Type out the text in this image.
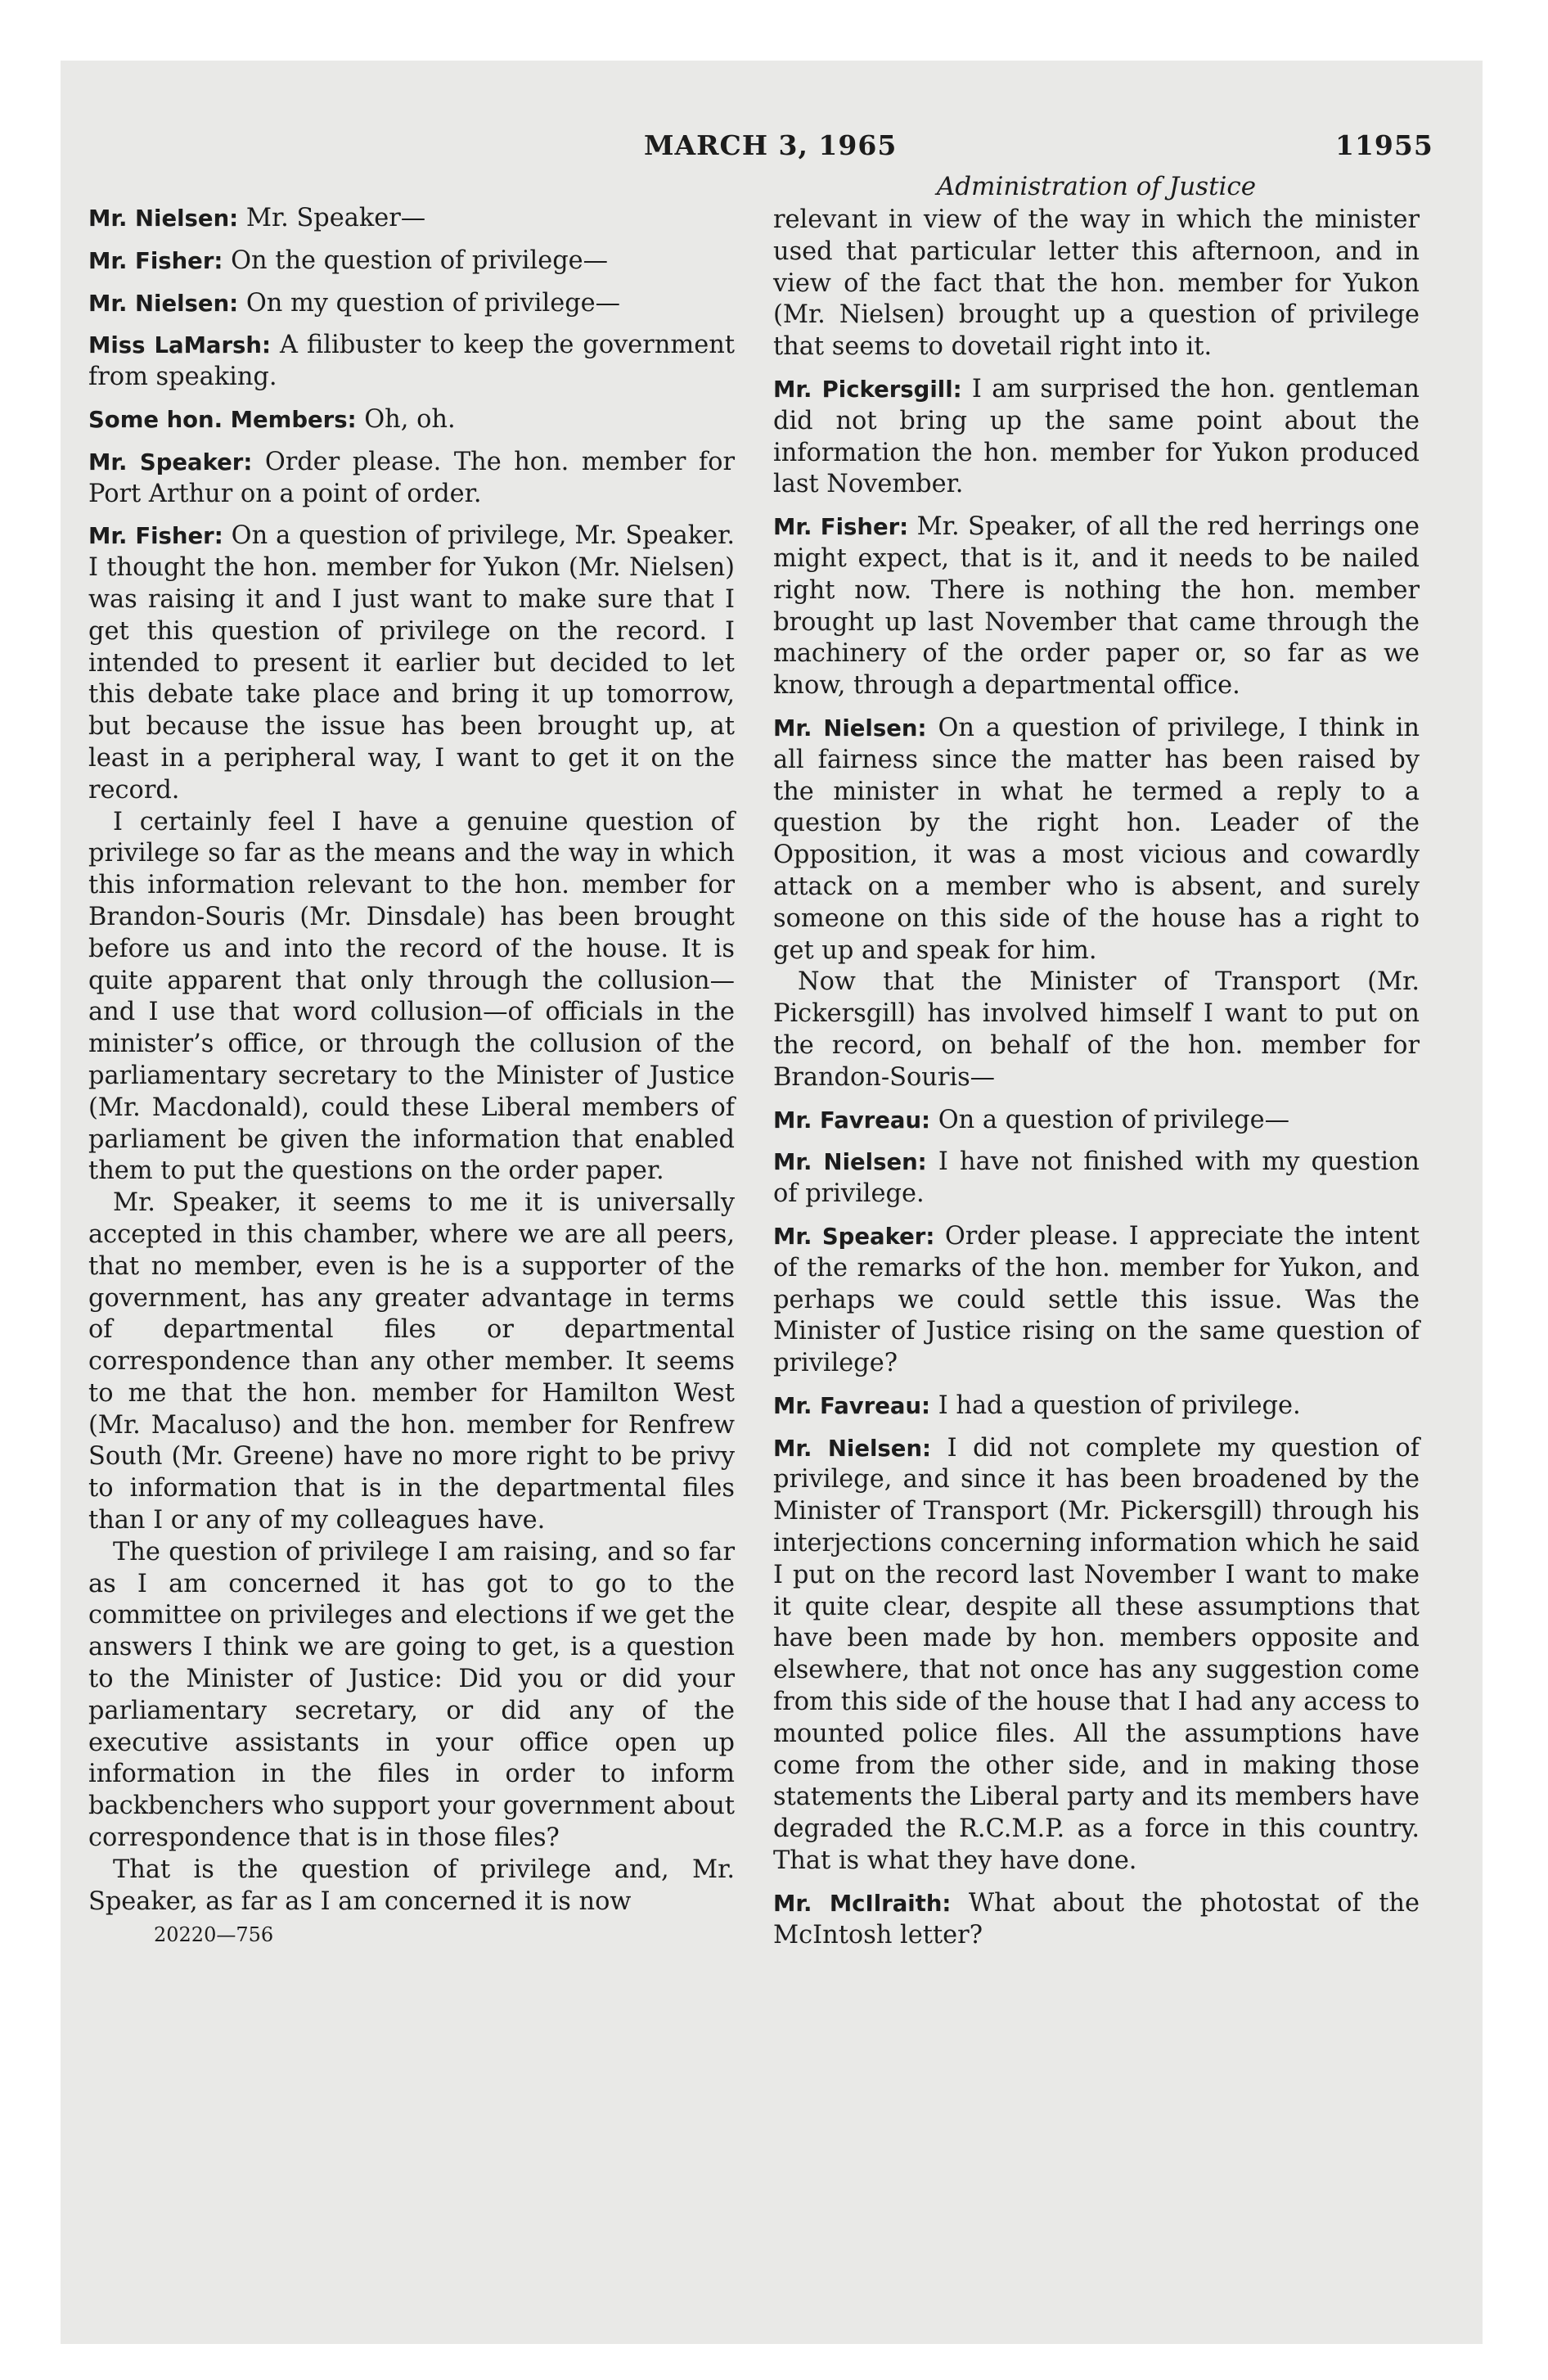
MARCH 3, 1965	11955

Mr. Nielsen: Mr. Speaker—

Mr. Fisher: On the question of privilege—

Mr. Nielsen: On my question of privilege—

Miss LaMarsh: A filibuster to keep the government from speaking.

Some hon. Members: Oh, oh.

Mr. Speaker: Order please. The hon. member for Port Arthur on a point of order.

Mr. Fisher: On a question of privilege, Mr. Speaker. I thought the hon. member for Yukon (Mr. Nielsen) was raising it and I just want to make sure that I get this question of privilege on the record. I intended to present it earlier but decided to let this debate take place and bring it up tomorrow, but because the issue has been brought up, at least in a peripheral way, I want to get it on the record.

I certainly feel I have a genuine question of privilege so far as the means and the way in which this information relevant to the hon. member for Brandon-Souris (Mr. Dinsdale) has been brought before us and into the record of the house. It is quite apparent that only through the collusion—and I use that word collusion—of officials in the minister’s office, or through the collusion of the parliamentary secretary to the Minister of Justice (Mr. Macdonald), could these Liberal members of parliament be given the information that enabled them to put the questions on the order paper.

Mr. Speaker, it seems to me it is universally accepted in this chamber, where we are all peers, that no member, even is he is a supporter of the government, has any greater advantage in terms of departmental files or departmental correspondence than any other member. It seems to me that the hon. member for Hamilton West (Mr. Macaluso) and the hon. member for Renfrew South (Mr. Greene) have no more right to be privy to information that is in the departmental files than I or any of my colleagues have.

The question of privilege I am raising, and so far as I am concerned it has got to go to the committee on privileges and elections if we get the answers I think we are going to get, is a question to the Minister of Justice: Did you or did your parliamentary secretary, or did any of the executive assistants in your office open up information in the files in order to inform backbenchers who support your government about correspondence that is in those files?

That is the question of privilege and, Mr. Speaker, as far as I am concerned it is now

20220—756
Administration of Justice

relevant in view of the way in which the minister used that particular letter this afternoon, and in view of the fact that the hon. member for Yukon (Mr. Nielsen) brought up a question of privilege that seems to dovetail right into it.

Mr. Pickersgill: I am surprised the hon. gentleman did not bring up the same point about the information the hon. member for Yukon produced last November.

Mr. Fisher: Mr. Speaker, of all the red herrings one might expect, that is it, and it needs to be nailed right now. There is nothing the hon. member brought up last November that came through the machinery of the order paper or, so far as we know, through a departmental office.

Mr. Nielsen: On a question of privilege, I think in all fairness since the matter has been raised by the minister in what he termed a reply to a question by the right hon. Leader of the Opposition, it was a most vicious and cowardly attack on a member who is absent, and surely someone on this side of the house has a right to get up and speak for him.

Now that the Minister of Transport (Mr. Pickersgill) has involved himself I want to put on the record, on behalf of the hon. member for Brandon-Souris—

Mr. Favreau: On a question of privilege—

Mr. Nielsen: I have not finished with my question of privilege.

Mr. Speaker: Order please. I appreciate the intent of the remarks of the hon. member for Yukon, and perhaps we could settle this issue. Was the Minister of Justice rising on the same question of privilege?

Mr. Favreau: I had a question of privilege.

Mr. Nielsen: I did not complete my question of privilege, and since it has been broadened by the Minister of Transport (Mr. Pickersgill) through his interjections concerning information which he said I put on the record last November I want to make it quite clear, despite all these assumptions that have been made by hon. members opposite and elsewhere, that not once has any suggestion come from this side of the house that I had any access to mounted police files. All the assumptions have come from the other side, and in making those statements the Liberal party and its members have degraded the R.C.M.P. as a force in this country. That is what they have done.

Mr. McIlraith: What about the photostat of the McIntosh letter?
